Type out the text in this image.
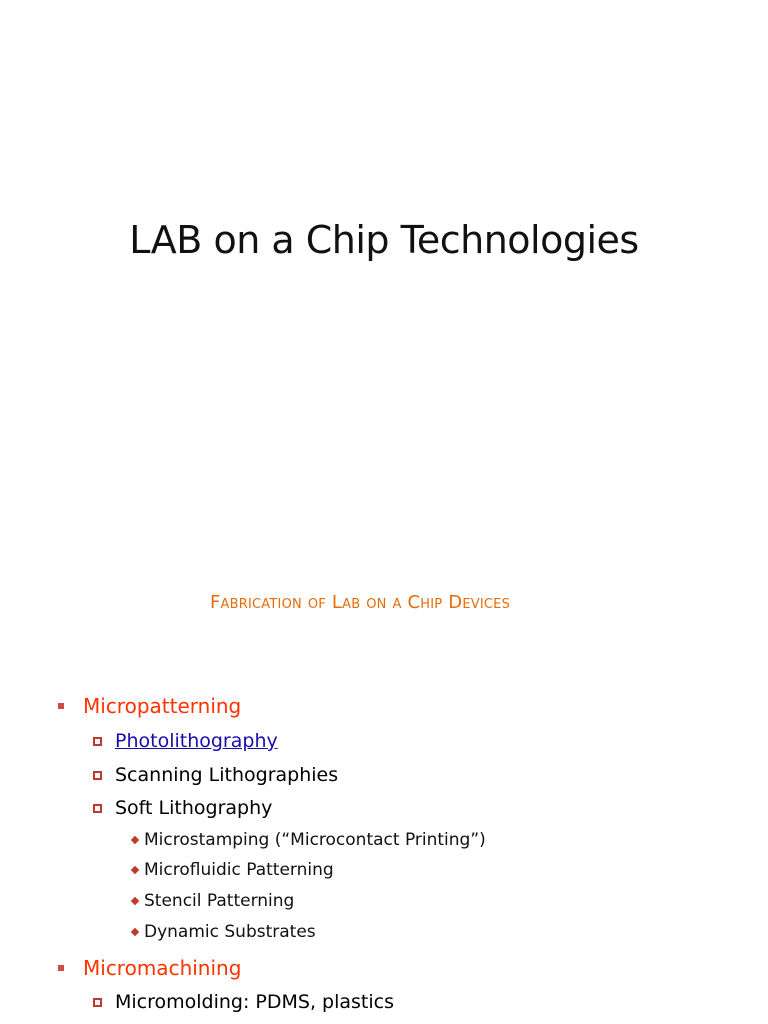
LAB on a Chip Technologies
Fabrication of Lab on a Chip Devices
Micropatterning
Photolithography
Scanning Lithographies
Soft Lithography
Microstamping (“Microcontact Printing”)
Microfluidic Patterning
Stencil Patterning
Dynamic Substrates
Micromachining
Micromolding: PDMS, plastics
